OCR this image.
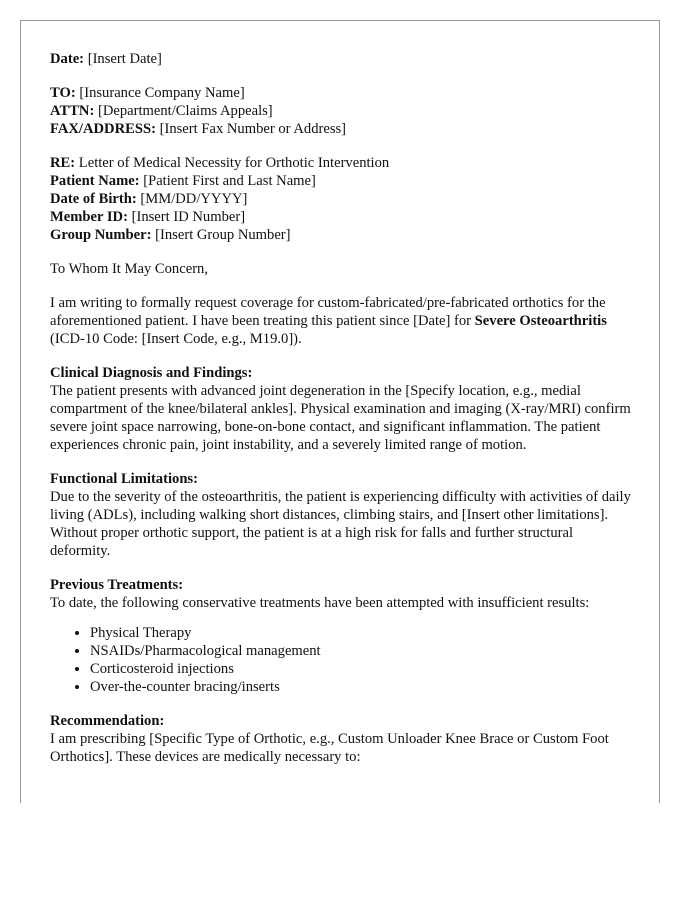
Date: [Insert Date]

TO: [Insurance Company Name]

ATTN: [Department/Claims Appeals]

FAX/ADDRESS: [Insert Fax Number or Address]

RE: Letter of Medical Necessity for Orthotic Intervention

Patient Name: [Patient First and Last Name]

Date of Birth: [MM/DD/YYYY]

Member ID: [Insert ID Number]

Group Number: [Insert Group Number]

To Whom It May Concern,

I am writing to formally request coverage for custom-fabricated/pre-fabricated orthotics for the aforementioned patient. I have been treating this patient since [Date] for Severe Osteoarthritis (ICD-10 Code: [Insert Code, e.g., M19.0]).

Clinical Diagnosis and Findings:

The patient presents with advanced joint degeneration in the [Specify location, e.g., medial compartment of the knee/bilateral ankles]. Physical examination and imaging (X-ray/MRI) confirm severe joint space narrowing, bone-on-bone contact, and significant inflammation. The patient experiences chronic pain, joint instability, and a severely limited range of motion.

Functional Limitations:

Due to the severity of the osteoarthritis, the patient is experiencing difficulty with activities of daily living (ADLs), including walking short distances, climbing stairs, and [Insert other limitations]. Without proper orthotic support, the patient is at a high risk for falls and further structural deformity.

Previous Treatments:

To date, the following conservative treatments have been attempted with insufficient results:

• Physical Therapy
• NSAIDs/Pharmacological management
• Corticosteroid injections
• Over-the-counter bracing/inserts

Recommendation:

I am prescribing [Specific Type of Orthotic, e.g., Custom Unloader Knee Brace or Custom Foot Orthotics]. These devices are medically necessary to:
